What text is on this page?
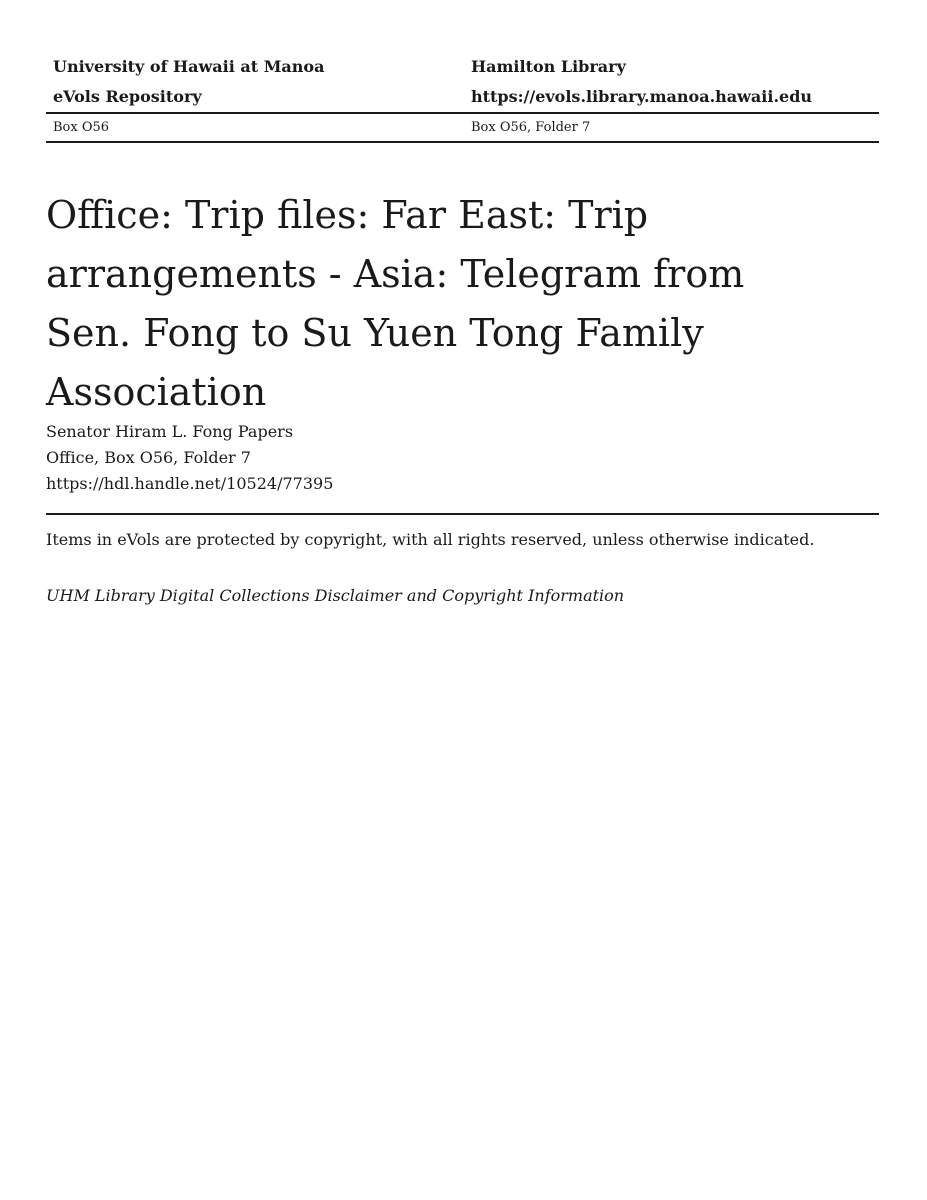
University of Hawaii at Manoa	Hamilton Library
eVols Repository	https://evols.library.manoa.hawaii.edu
Box O56	Box O56, Folder 7
Office: Trip files: Far East: Trip
arrangements - Asia: Telegram from
Sen. Fong to Su Yuen Tong Family Association
Senator Hiram L. Fong Papers
Office, Box O56, Folder 7
https://hdl.handle.net/10524/77395
Items in eVols are protected by copyright, with all rights reserved, unless otherwise indicated.
UHM Library Digital Collections Disclaimer and Copyright Information
